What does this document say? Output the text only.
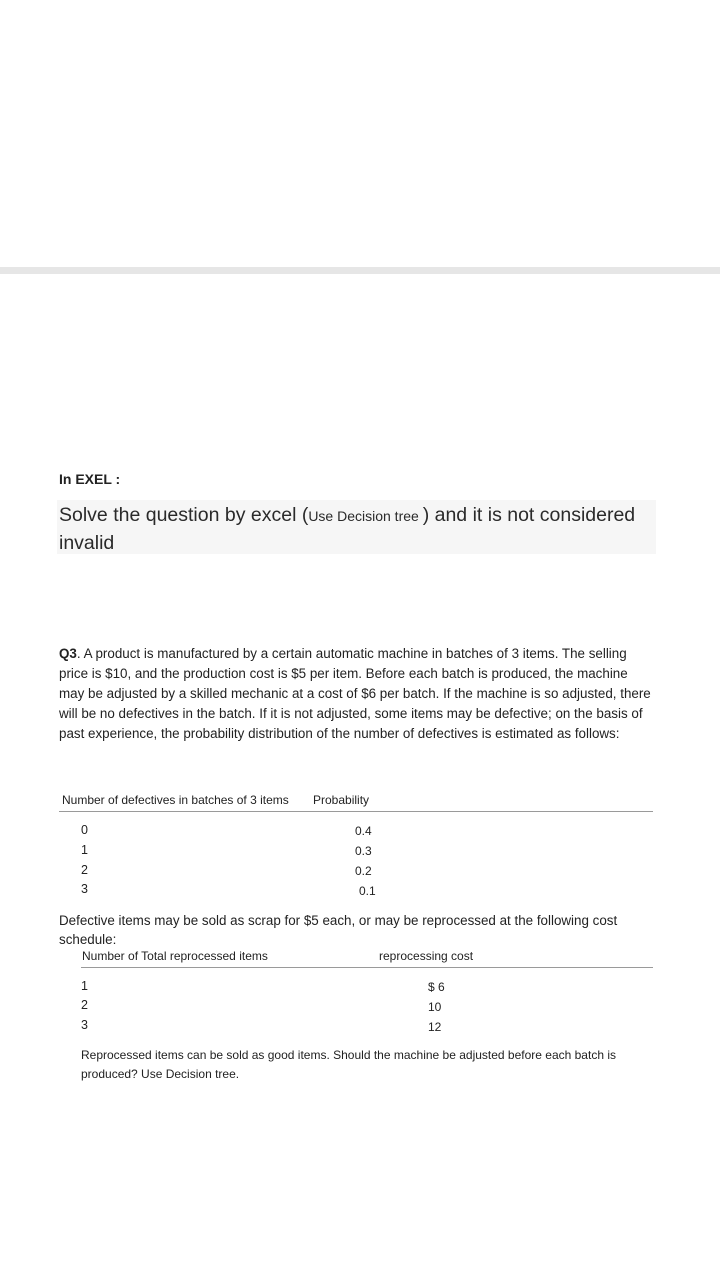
In EXEL :
Solve the question by excel (Use Decision tree ) and it is not considered invalid
Q3. A product is manufactured by a certain automatic machine in batches of 3 items. The selling price is $10, and the production cost is $5 per item. Before each batch is produced, the machine may be adjusted by a skilled mechanic at a cost of $6 per batch. If the machine is so adjusted, there will be no defectives in the batch. If it is not adjusted, some items may be defective; on the basis of past experience, the probability distribution of the number of defectives is estimated as follows:
Number of defectives in batches of 3 items Probability
0	0.4
1	0.3
2	0.2
3	0.1
Defective items may be sold as scrap for $5 each, or may be reprocessed at the following cost schedule:
Number of Total reprocessed items	reprocessing cost
1	$ 6
2	10
3	12
Reprocessed items can be sold as good items. Should the machine be adjusted before each batch is produced? Use Decision tree.
